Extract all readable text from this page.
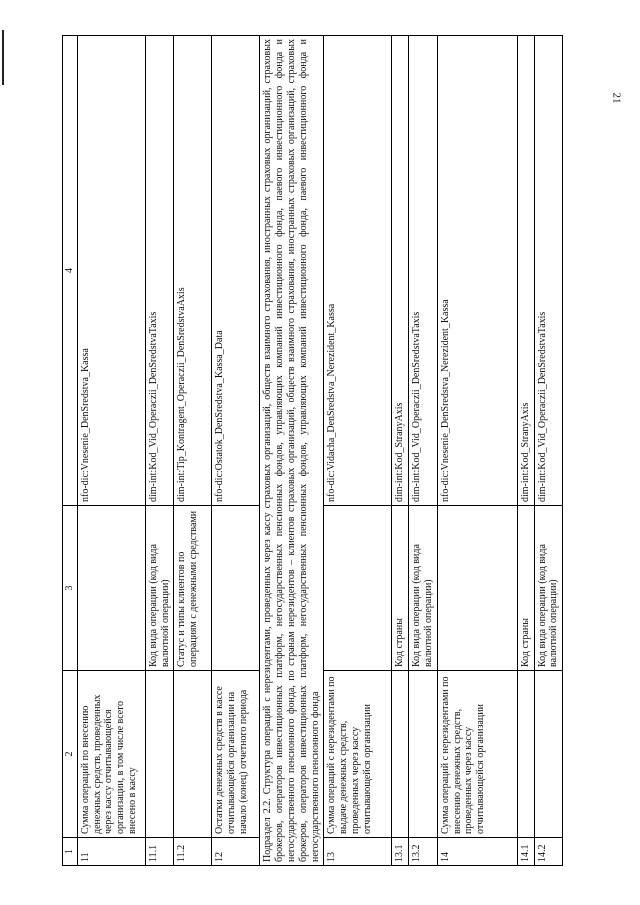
21
1	2	3	4
11	Сумма операций по внесению денежных средств, проведенных через кассу отчитывающейся организации, в том числе всего внесено в кассу		nfo-dic:Vnesenie_DenSredstva_Kassa
11.1		Код вида операции (код вида валютной операции)	dim-int:Kod_Vid_Operaczii_DenSredstvaTaxis
11.2		Статус и типы клиентов по операциям с денежными средствами	dim-int:Tip_Kontragent_Operaczii_DenSredstvaAxis
12	Остатки денежных средств в кассе отчитывающейся организации на начало (конец) отчетного периода		nfo-dic:Ostatok_DenSredstva_Kassa_Data
Подраздел 2.2. Структура операций с нерезидентами, проведенных через кассу страховых организаций, обществ взаимного страхования, иностранных страховых организаций, страховых брокеров, операторов инвестиционных платформ, негосударственных пенсионных фондов, управляющих компаний инвестиционного фонда, паевого инвестиционного фонда и негосударственного пенсионного фонда, по странам нерезидентов – клиентов страховых организаций, обществ взаимного страхования, иностранных страховых организаций, страховых брокеров, операторов инвестиционных платформ, негосударственных пенсионных фондов, управляющих компаний инвестиционного фонда, паевого инвестиционного фонда и негосударственного пенсионного фонда			
13	Сумма операций с нерезидентами по выдаче денежных средств, проведенных через кассу отчитывающейся организации		nfo-dic:Vidacha_DenSredstva_Nerezident_Kassa
13.1		Код страны	dim-int:Kod_StranyAxis
13.2		Код вида операции (код вида валютной операции)	dim-int:Kod_Vid_Operaczii_DenSredstvaTaxis
14	Сумма операций с нерезидентами по внесению денежных средств, проведенных через кассу отчитывающейся организации		nfo-dic:Vnesenie_DenSredstva_Nerezident_Kassa
14.1		Код страны	dim-int:Kod_StranyAxis
14.2		Код вида операции (код вида валютной операции)	dim-int:Kod_Vid_Operaczii_DenSredstvaTaxis
